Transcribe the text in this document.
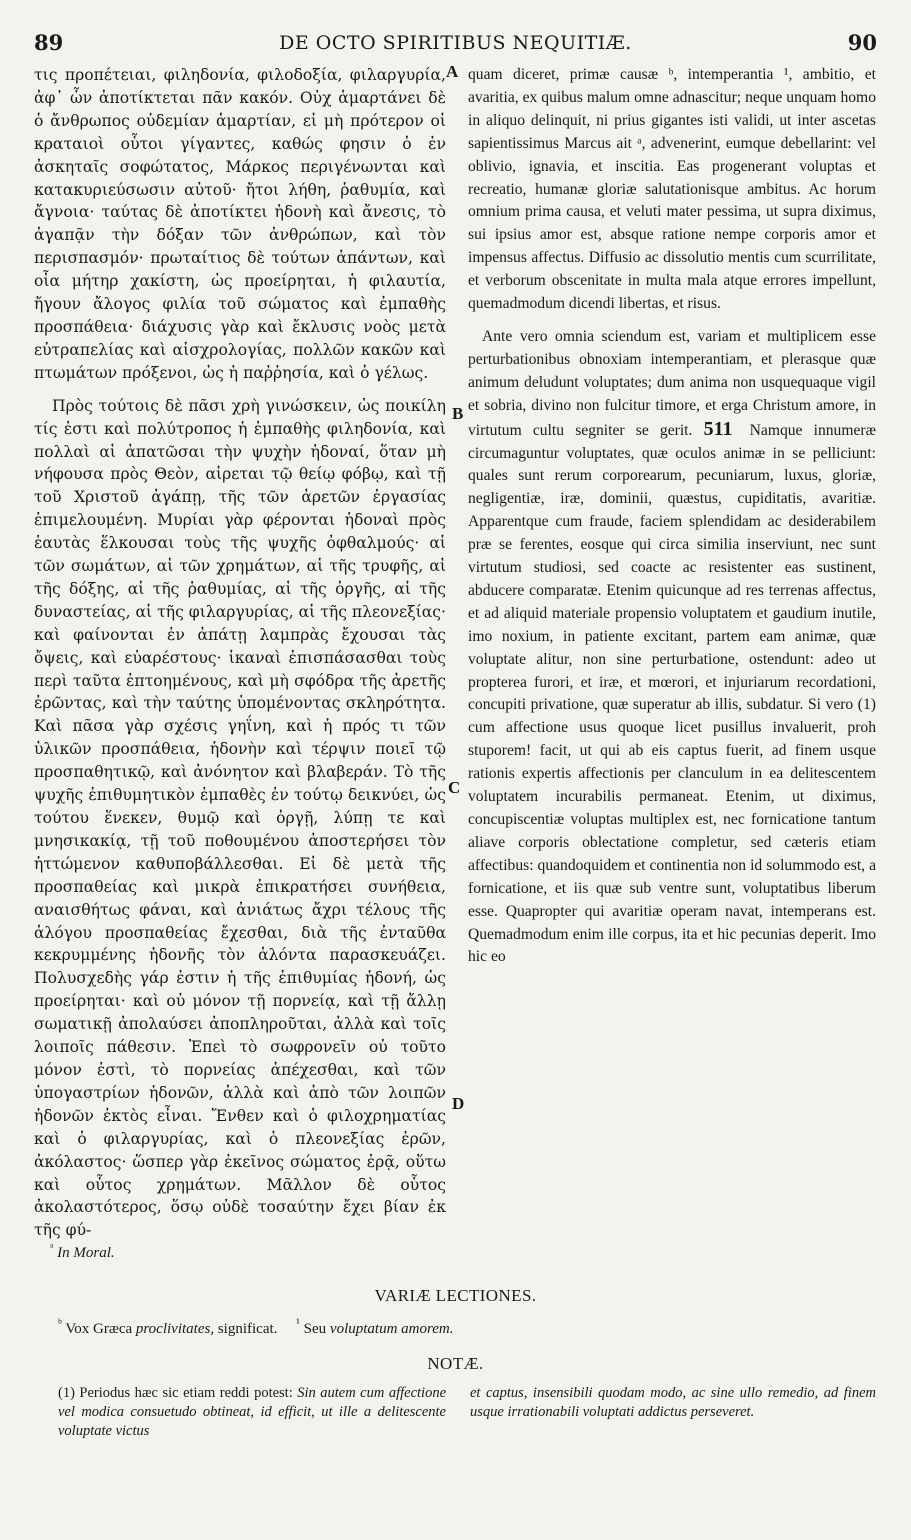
89	DE OCTO SPIRITIBUS NEQUITIÆ.	90

τις προπέτειαι, φιληδονία, φιλοδοξία, φιλαργυρία, ἀφ᾽ ὧν ἀποτίκτεται πᾶν κακόν. Οὐχ ἁμαρτάνει δὲ ὁ ἄνθρωπος οὐδεμίαν ἁμαρτίαν, εἰ μὴ πρότερον οἱ κραταιοὶ οὗτοι γίγαντες, καθώς φησιν ὁ ἐν ἀσκηταῖς σοφώτατος, Μάρκος περιγένωνται καὶ κατακυριεύσωσιν αὐτοῦ· ἤτοι λήθη, ῥαθυμία, καὶ ἄγνοια· ταύτας δὲ ἀποτίκτει ἡδονὴ καὶ ἄνεσις, τὸ ἀγαπᾷν τὴν δόξαν τῶν ἀνθρώπων, καὶ τὸν περισπασμόν· πρωταίτιος δὲ τούτων ἁπάντων, καὶ οἷα μήτηρ χακίστη, ὡς προείρηται, ἡ φιλαυτία, ἤγουν ἄλογος φιλία τοῦ σώματος καὶ ἐμπαθὴς προσπάθεια· διάχυσις γὰρ καὶ ἔκλυσις νοὸς μετὰ εὐτραπελίας καὶ αἰσχρολογίας, πολλῶν κακῶν καὶ πτωμάτων πρόξενοι, ὡς ἡ παῤῥησία, καὶ ὁ γέλως.

Πρὸς τούτοις δὲ πᾶσι χρὴ γινώσκειν, ὡς ποικίλη τίς ἐστι καὶ πολύτροπος ἡ ἐμπαθὴς φιληδονία, καὶ πολλαὶ αἱ ἀπατῶσαι τὴν ψυχὴν ἡδοναί, ὅταν μὴ νήφουσα πρὸς Θεὸν, αἱρεται τῷ θείῳ φόβῳ, καὶ τῇ τοῦ Χριστοῦ ἀγάπῃ, τῆς τῶν ἀρετῶν ἐργασίας ἐπιμελουμένη. Μυρίαι γὰρ φέρονται ἡδοναὶ πρὸς ἑαυτὰς ἕλκουσαι τοὺς τῆς ψυχῆς ὀφθαλμούς· αἱ τῶν σωμάτων, αἱ τῶν χρημάτων, αἱ τῆς τρυφῆς, αἱ τῆς δόξης, αἱ τῆς ῥαθυμίας, αἱ τῆς ὀργῆς, αἱ τῆς δυναστείας, αἱ τῆς φιλαργυρίας, αἱ τῆς πλεονεξίας· καὶ φαίνονται ἐν ἀπάτῃ λαμπρὰς ἔχουσαι τὰς ὄψεις, καὶ εὐαρέστους· ἱκαναὶ ἐπισπάσασθαι τοὺς περὶ ταῦτα ἐπτοημένους, καὶ μὴ σφόδρα τῆς ἀρετῆς ἐρῶντας, καὶ τὴν ταύτης ὑπομένοντας σκληρότητα. Καὶ πᾶσα γὰρ σχέσις γηΐνη, καὶ ἡ πρός τι τῶν ὑλικῶν προσπάθεια, ἡδονὴν καὶ τέρψιν ποιεῖ τῷ προσπαθητικῷ, καὶ ἀνόνητον καὶ βλαβεράν. Τὸ τῆς ψυχῆς ἐπιθυμητικὸν ἐμπαθὲς ἐν τούτῳ δεικνύει, ὡς τούτου ἕνεκεν, θυμῷ καὶ ὀργῇ, λύπῃ τε καὶ μνησικακίᾳ, τῇ τοῦ ποθουμένου ἀποστερήσει τὸν ἡττώμενον καθυποβάλλεσθαι. Εἰ δὲ μετὰ τῆς προσπαθείας καὶ μικρὰ ἐπικρατήσει συνήθεια, αναισθήτως φάναι, καὶ ἀνιάτως ἄχρι τέλους τῆς ἀλόγου προσπαθείας ἔχεσθαι, διὰ τῆς ἐνταῦθα κεκρυμμένης ἡδονῆς τὸν ἁλόντα παρασκευάζει. Πολυσχεδὴς γάρ ἐστιν ἡ τῆς ἐπιθυμίας ἡδονή, ὡς προείρηται· καὶ οὐ μόνον τῇ πορνείᾳ, καὶ τῇ ἄλλῃ σωματικῇ ἀπολαύσει ἀποπληροῦται, ἀλλὰ καὶ τοῖς λοιποῖς πάθεσιν. Ἐπεὶ τὸ σωφρονεῖν οὐ τοῦτο μόνον ἐστὶ, τὸ πορνείας ἀπέχεσθαι, καὶ τῶν ὑπογαστρίων ἡδονῶν, ἀλλὰ καὶ ἀπὸ τῶν λοιπῶν ἡδονῶν ἐκτὸς εἶναι. Ἔνθεν καὶ ὁ φιλοχρηματίας καὶ ὁ φιλαργυρίας, καὶ ὁ πλεονεξίας ἐρῶν, ἀκόλαστος· ὥσπερ γὰρ ἐκεῖνος σώματος ἐρᾷ, οὕτω καὶ οὗτος χρημάτων. Μᾶλλον δὲ οὗτος ἀκολαστότερος, ὅσῳ οὐδὲ τοσαύτην ἔχει βίαν ἐκ τῆς φύ-

A
B
C
D

quam diceret, primæ causæ ᵇ, intemperantia ¹, ambitio, et avaritia, ex quibus malum omne adnascitur; neque unquam homo in aliquo delinquit, ni prius gigantes isti validi, ut inter ascetas sapientissimus Marcus ait ᵃ, advenerint, eumque debellarint: vel oblivio, ignavia, et inscitia. Eas progenerant voluptas et recreatio, humanæ gloriæ salutationisque ambitus. Ac horum omnium prima causa, et veluti mater pessima, ut supra diximus, sui ipsius amor est, absque ratione nempe corporis amor et impensus affectus. Diffusio ac dissolutio mentis cum scurrilitate, et verborum obscenitate in multa mala atque errores impellunt, quemadmodum dicendi libertas, et risus.

Ante vero omnia sciendum est, variam et multiplicem esse perturbationibus obnoxiam intemperantiam, et plerasque quæ animum deludunt voluptates; dum anima non usquequaque vigil et sobria, divino non fulcitur timore, et erga Christum amore, in virtutum cultu segniter se gerit. 511 Namque innumeræ circumaguntur voluptates, quæ oculos animæ in se pelliciunt: quales sunt rerum corporearum, pecuniarum, luxus, gloriæ, negligentiæ, iræ, dominii, quæstus, cupiditatis, avaritiæ. Apparentque cum fraude, faciem splendidam ac desiderabilem præ se ferentes, eosque qui circa similia inserviunt, nec sunt virtutum studiosi, sed coacte ac resistenter eas sustinent, abducere comparatæ. Etenim quicunque ad res terrenas affectus, et ad aliquid materiale propensio voluptatem et gaudium inutile, imo noxium, in patiente excitant, partem eam animæ, quæ voluptate alitur, non sine perturbatione, ostendunt: adeo ut propterea furori, et iræ, et mœrori, et injuriarum recordationi, concupiti privatione, quæ superatur ab illis, subdatur. Si vero (1) cum affectione usus quoque licet pusillus invaluerit, proh stuporem! facit, ut qui ab eis captus fuerit, ad finem usque rationis expertis affectionis per clanculum in ea delitescentem voluptatem incurabilis permaneat. Etenim, ut diximus, concupiscentiæ voluptas multiplex est, nec fornicatione tantum aliave corporis oblectatione completur, sed cæteris etiam affectibus: quandoquidem et continentia non id solummodo est, a fornicatione, et iis quæ sub ventre sunt, voluptatibus liberum esse. Quapropter qui avaritiæ operam navat, intemperans est. Quemadmodum enim ille corpus, ita et hic pecunias deperit. Imo hic eo

$^ᵃ$ In Moral.
VARIÆ LECTIONES.
$^ᵇ$ Vox Græca proclivitates, significat. $^{^1}$ Seu voluptatum amorem.
NOTÆ.
(1) Periodus hæc sic etiam reddi potest: Sin autem cum affectione vel modica consuetudo obtineat, id efficit, ut ille a delitescente voluptate victus
et captus, insensibili quodam modo, ac sine ullo remedio, ad finem usque irrationabili voluptati addictus perseveret.
